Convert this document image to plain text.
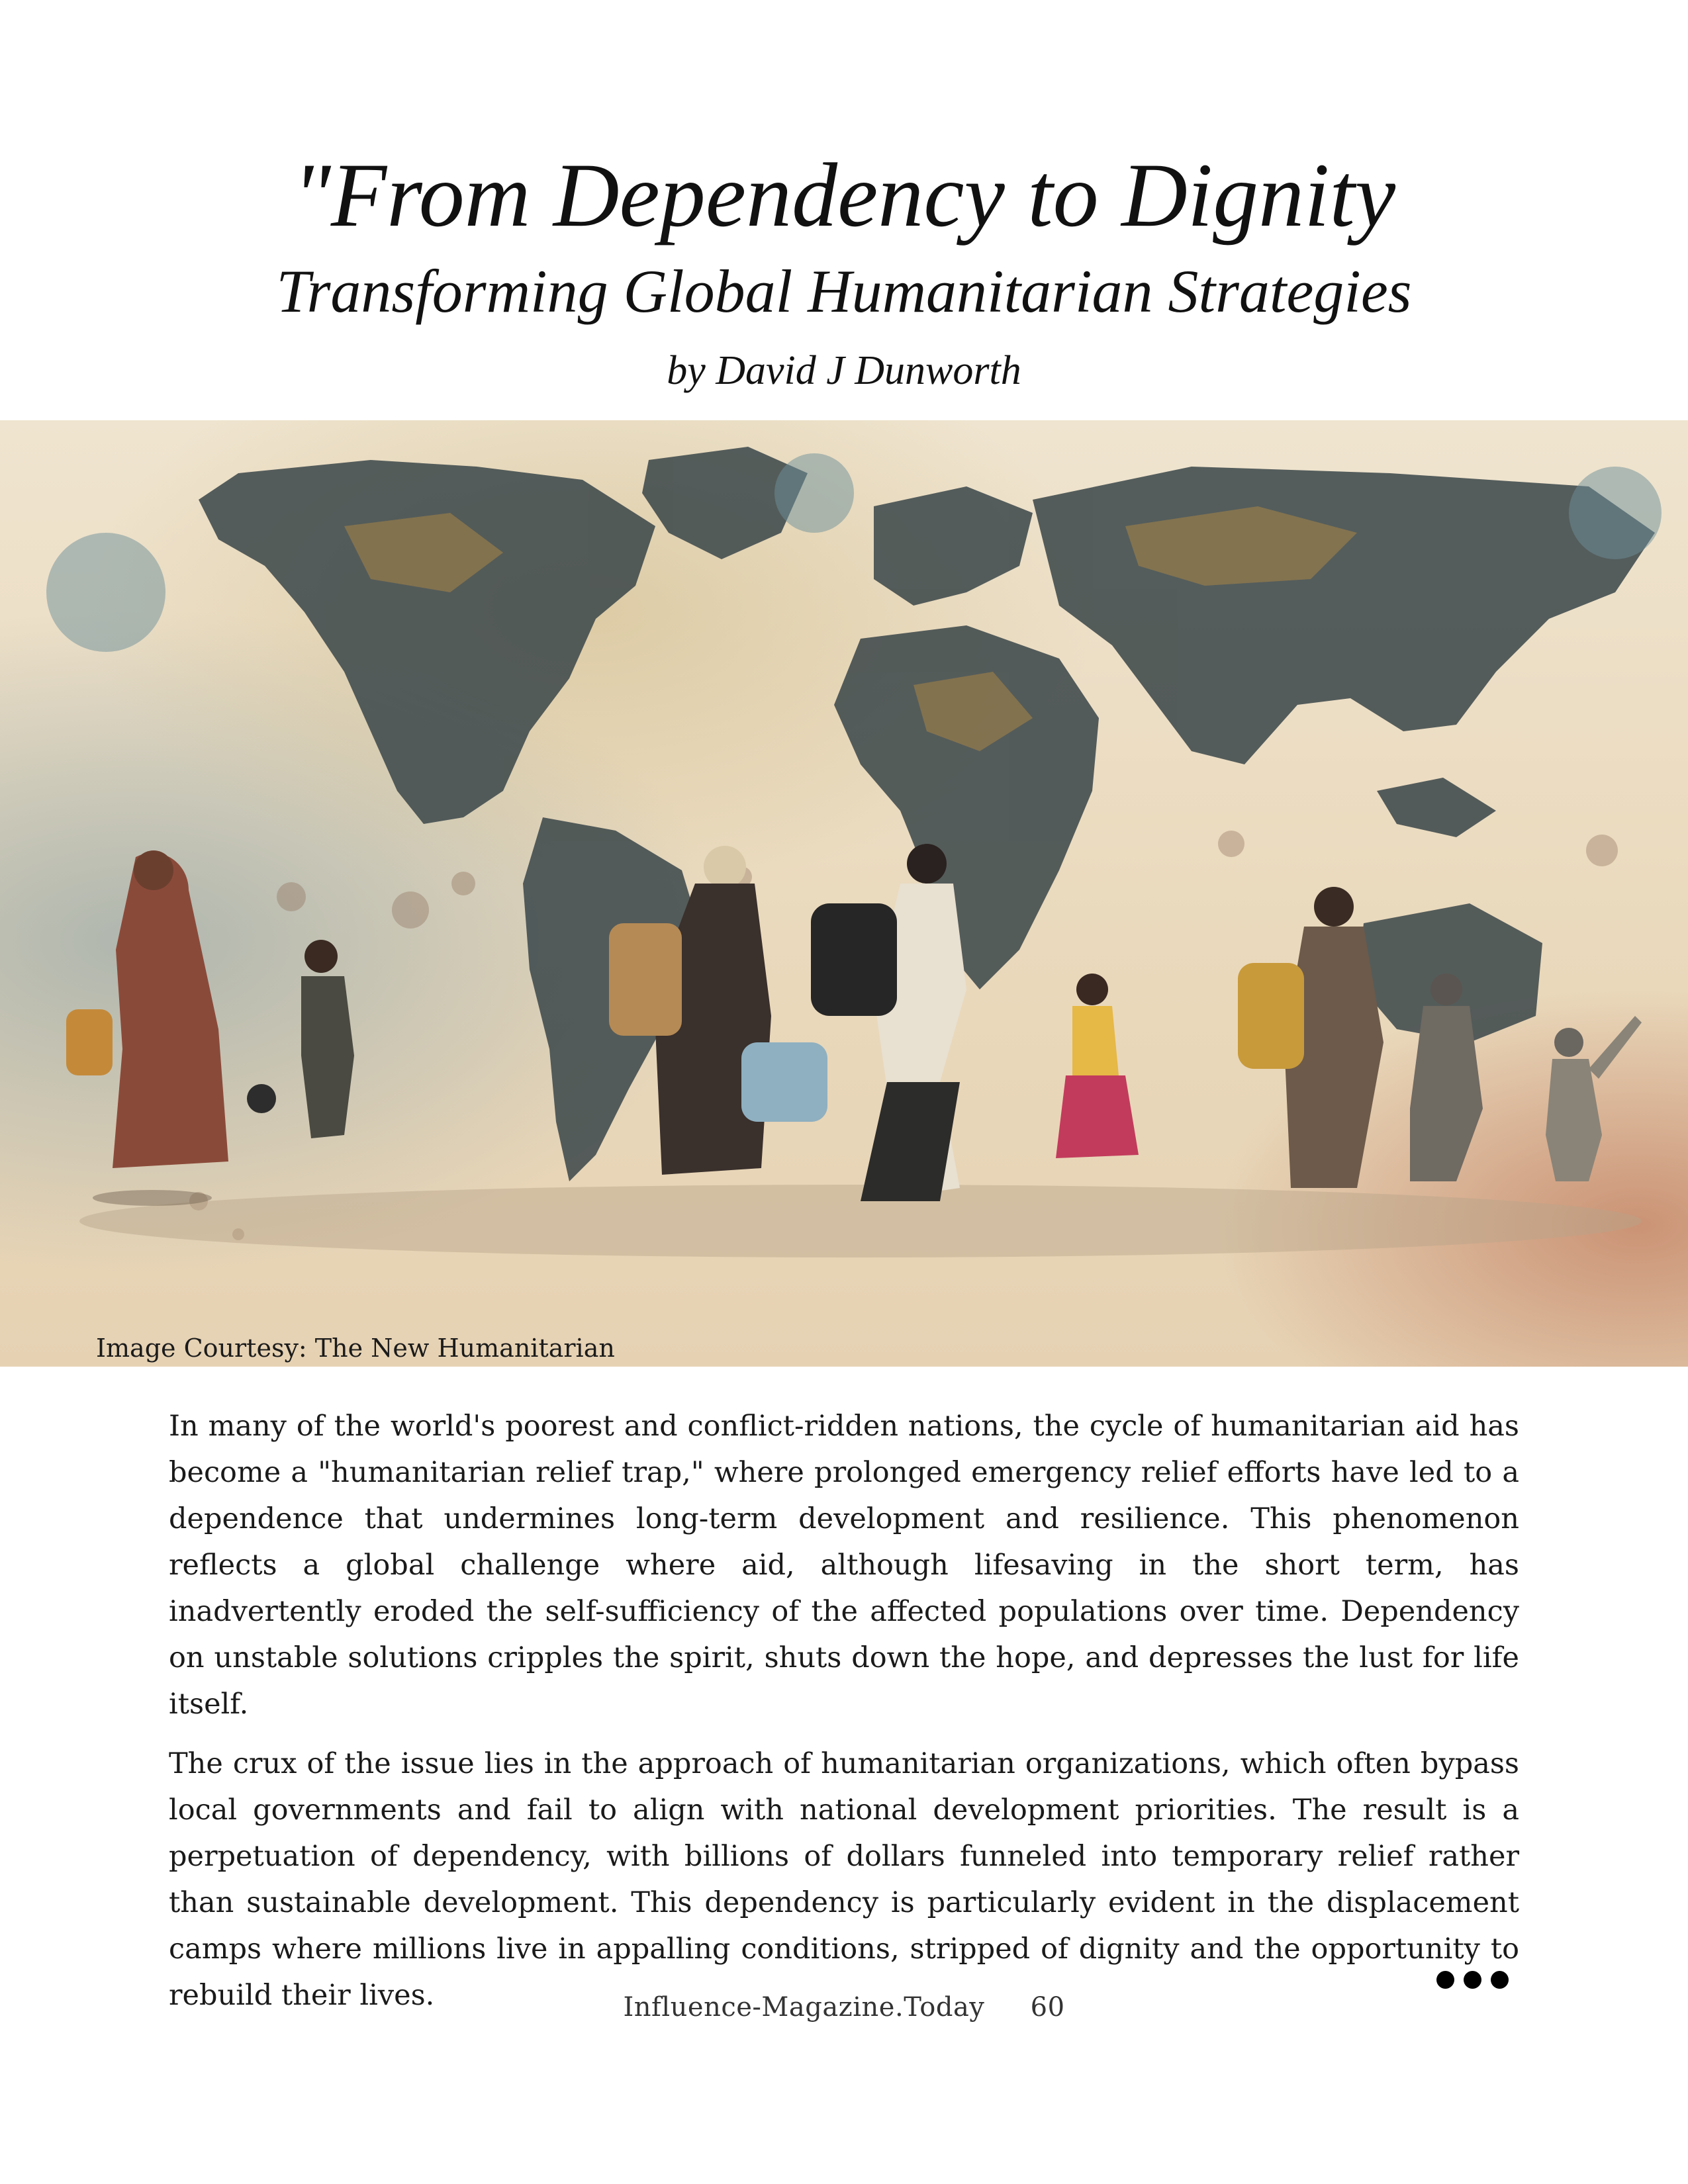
"From Dependency to Dignity
Transforming Global Humanitarian Strategies
by David J Dunworth
Image Courtesy: The New Humanitarian

In many of the world's poorest and conflict-ridden nations, the cycle of humanitarian aid has become a "humanitarian relief trap," where prolonged emergency relief efforts have led to a dependence that undermines long-term development and resilience. This phenomenon reflects a global challenge where aid, although lifesaving in the short term, has inadvertently eroded the self-sufficiency of the affected populations over time. Dependency on unstable solutions cripples the spirit, shuts down the hope, and depresses the lust for life itself.

The crux of the issue lies in the approach of humanitarian organizations, which often bypass local governments and fail to align with national development priorities. The result is a perpetuation of dependency, with billions of dollars funneled into temporary relief rather than sustainable development. This dependency is particularly evident in the displacement camps where millions live in appalling conditions, stripped of dignity and the opportunity to rebuild their lives.	Influence-Magazine.Today 60
